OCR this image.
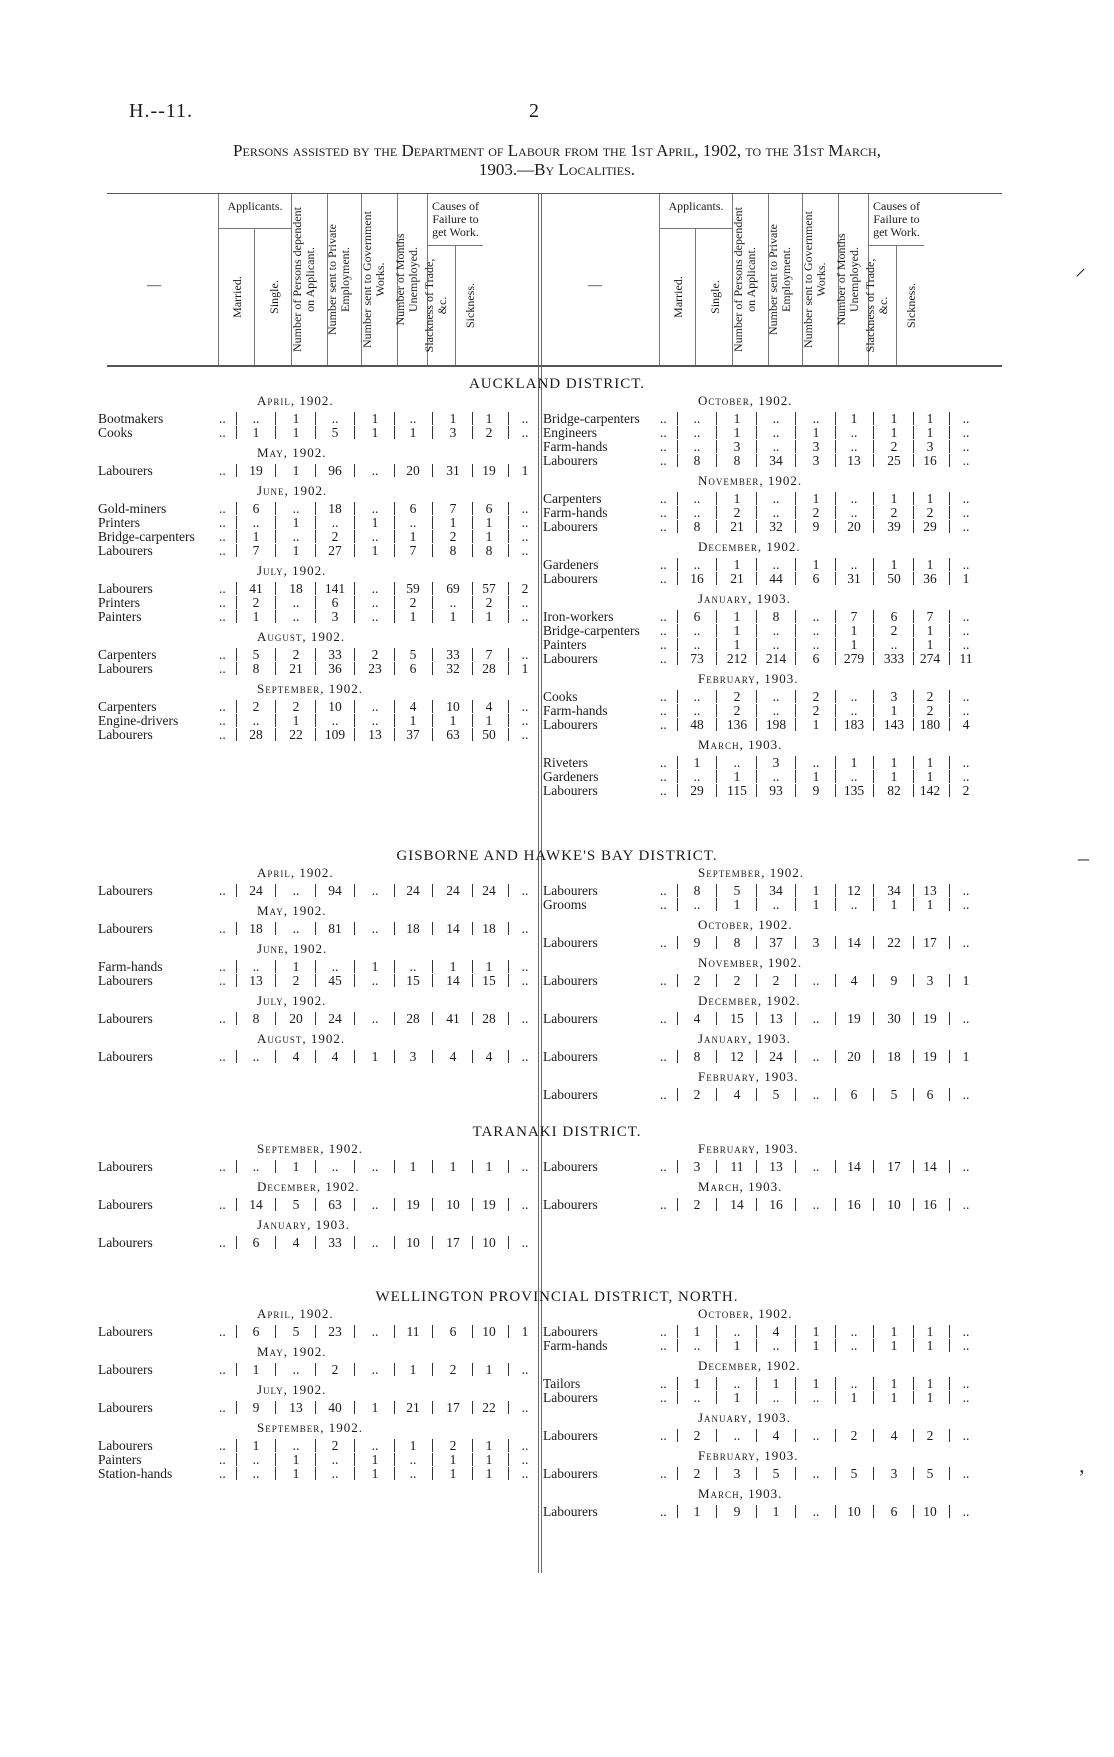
H.--11.	2
Persons assisted by the Department of Labour from the 1st April, 1902, to the 31st March,
1903.—By Localities.
—
Applicants.	Causes of Failure to get Work.
Married. Single. Number of Persons dependent on Applicant. Number sent to Private Employment. Number sent to Government Works. Number of Months Unemployed. Slackness of Trade, &c. Sickness.	—
Applicants.	Causes of Failure to get Work.
Married. Single. Number of Persons dependent on Applicant. Number sent to Private Employment. Number sent to Government Works. Number of Months Unemployed. Slackness of Trade, &c. Sickness.
AUCKLAND DISTRICT.
April, 1902.
Bootmakers	..	..	1	..	1	..	1	1	..
Cooks	..	1	1	5	1	1	3	2	..
May, 1902.
Labourers	..	19	1	96	..	20	31	19	1
June, 1902.
Gold-miners	..	6	..	18	..	6	7	6	..
Printers	..	..	1	..	1	..	1	1	..
Bridge-carpenters ..	1	..	2	..	1	2	1	..
Labourers	..	7	1	27	1	7	8	8	..
July, 1902.
Labourers	..	41	18	141	..	59	69	57	2
Printers	..	2	..	6	..	2	..	2	..
Painters	..	1	..	3	..	1	1	1	..
August, 1902.
Carpenters	..	5	2	33	2	5	33	7	..
Labourers	..	8	21	36	23	6	32	28	1
September, 1902.
Carpenters	..	2	2	10	..	4	10	4	..
Engine-drivers	..	..	1	..	..	1	1	1	..
Labourers	..	28	22	109	13	37	63	50	..
October, 1902.
Bridge-carpenters ..	..	1	..	..	1	1	1	..
Engineers	..	..	1	..	1	..	1	1	..
Farm-hands	..	..	3	..	3	..	2	3	..
Labourers	..	8	8	34	3	13	25	16	..
November, 1902.
Carpenters	..	..	1	..	1	..	1	1	..
Farm-hands	..	..	2	..	2	..	2	2	..
Labourers	..	8	21	32	9	20	39	29	..
December, 1902.
Gardeners	..	..	1	..	1	..	1	1	..
Labourers	..	16	21	44	6	31	50	36	1
January, 1903.
Iron-workers	..	6	1	8	..	7	6	7	..
Bridge-carpenters ..	..	1	..	..	1	2	1	..
Painters	..	..	1	..	..	1	..	1	..
Labourers	..	73	212	214	6	279	333	274	11
February, 1903.
Cooks	..	..	2	..	2	..	3	2	..
Farm-hands	..	..	2	..	2	..	1	2	..
Labourers	..	48	136	198	1	183	143	180	4
March, 1903.
Riveters	..	1	..	3	..	1	1	1	..
Gardeners	..	..	1	..	1	..	1	1	..
Labourers	..	29	115	93	9	135	82	142	2
GISBORNE AND HAWKE'S BAY DISTRICT.
April, 1902.
Labourers	..	24	..	94	..	24	24	24	..
May, 1902.
Labourers	..	18	..	81	..	18	14	18	..
June, 1902.
Farm-hands	..	..	1	..	1	..	1	1	..
Labourers	..	13	2	45	..	15	14	15	..
July, 1902.
Labourers	..	8	20	24	..	28	41	28	..
August, 1902.
Labourers	..	..	4	4	1	3	4	4	..
September, 1902.
Labourers	..	8	5	34	1	12	34	13	..
Grooms	..	..	1	..	1	..	1	1	..
October, 1902.
Labourers	..	9	8	37	3	14	22	17	..
November, 1902.
Labourers	..	2	2	2	..	4	9	3	1
December, 1902.
Labourers	..	4	15	13	..	19	30	19	..
January, 1903.
Labourers	..	8	12	24	..	20	18	19	1
February, 1903.
Labourers	..	2	4	5	..	6	5	6	..
TARANAKI DISTRICT.
September, 1902.
Labourers	..	..	1	..	..	1	1	1	..
December, 1902.
Labourers	..	14	5	63	..	19	10	19	..
January, 1903.
Labourers	..	6	4	33	..	10	17	10	..
February, 1903.
Labourers	..	3	11	13	..	14	17	14	..
March, 1903.
Labourers	..	2	14	16	..	16	10	16	..
WELLINGTON PROVINCIAL DISTRICT, NORTH.
April, 1902.
Labourers	..	6	5	23	..	11	6	10	1
May, 1902.
Labourers	..	1	..	2	..	1	2	1	..
July, 1902.
Labourers	..	9	13	40	1	21	17	22	..
September, 1902.
Labourers	..	1	..	2	..	1	2	1	..
Painters	..	..	1	..	1	..	1	1	..
Station-hands	..	..	1	..	1	..	1	1	..
October, 1902.
Labourers	..	1	..	4	1	..	1	1	..
Farm-hands	..	..	1	..	1	..	1	1	..
December, 1902.
Tailors	..	1	..	1	1	..	1	1	..
Labourers	..	..	1	..	..	1	1	1	..
January, 1903.
Labourers	..	2	..	4	..	2	4	2	..
February, 1903.
Labourers	..	2	3	5	..	5	3	5	..
March, 1903.
Labourers	..	1	9	1	..	10	6	10	..
⸝
‒
ʼ
